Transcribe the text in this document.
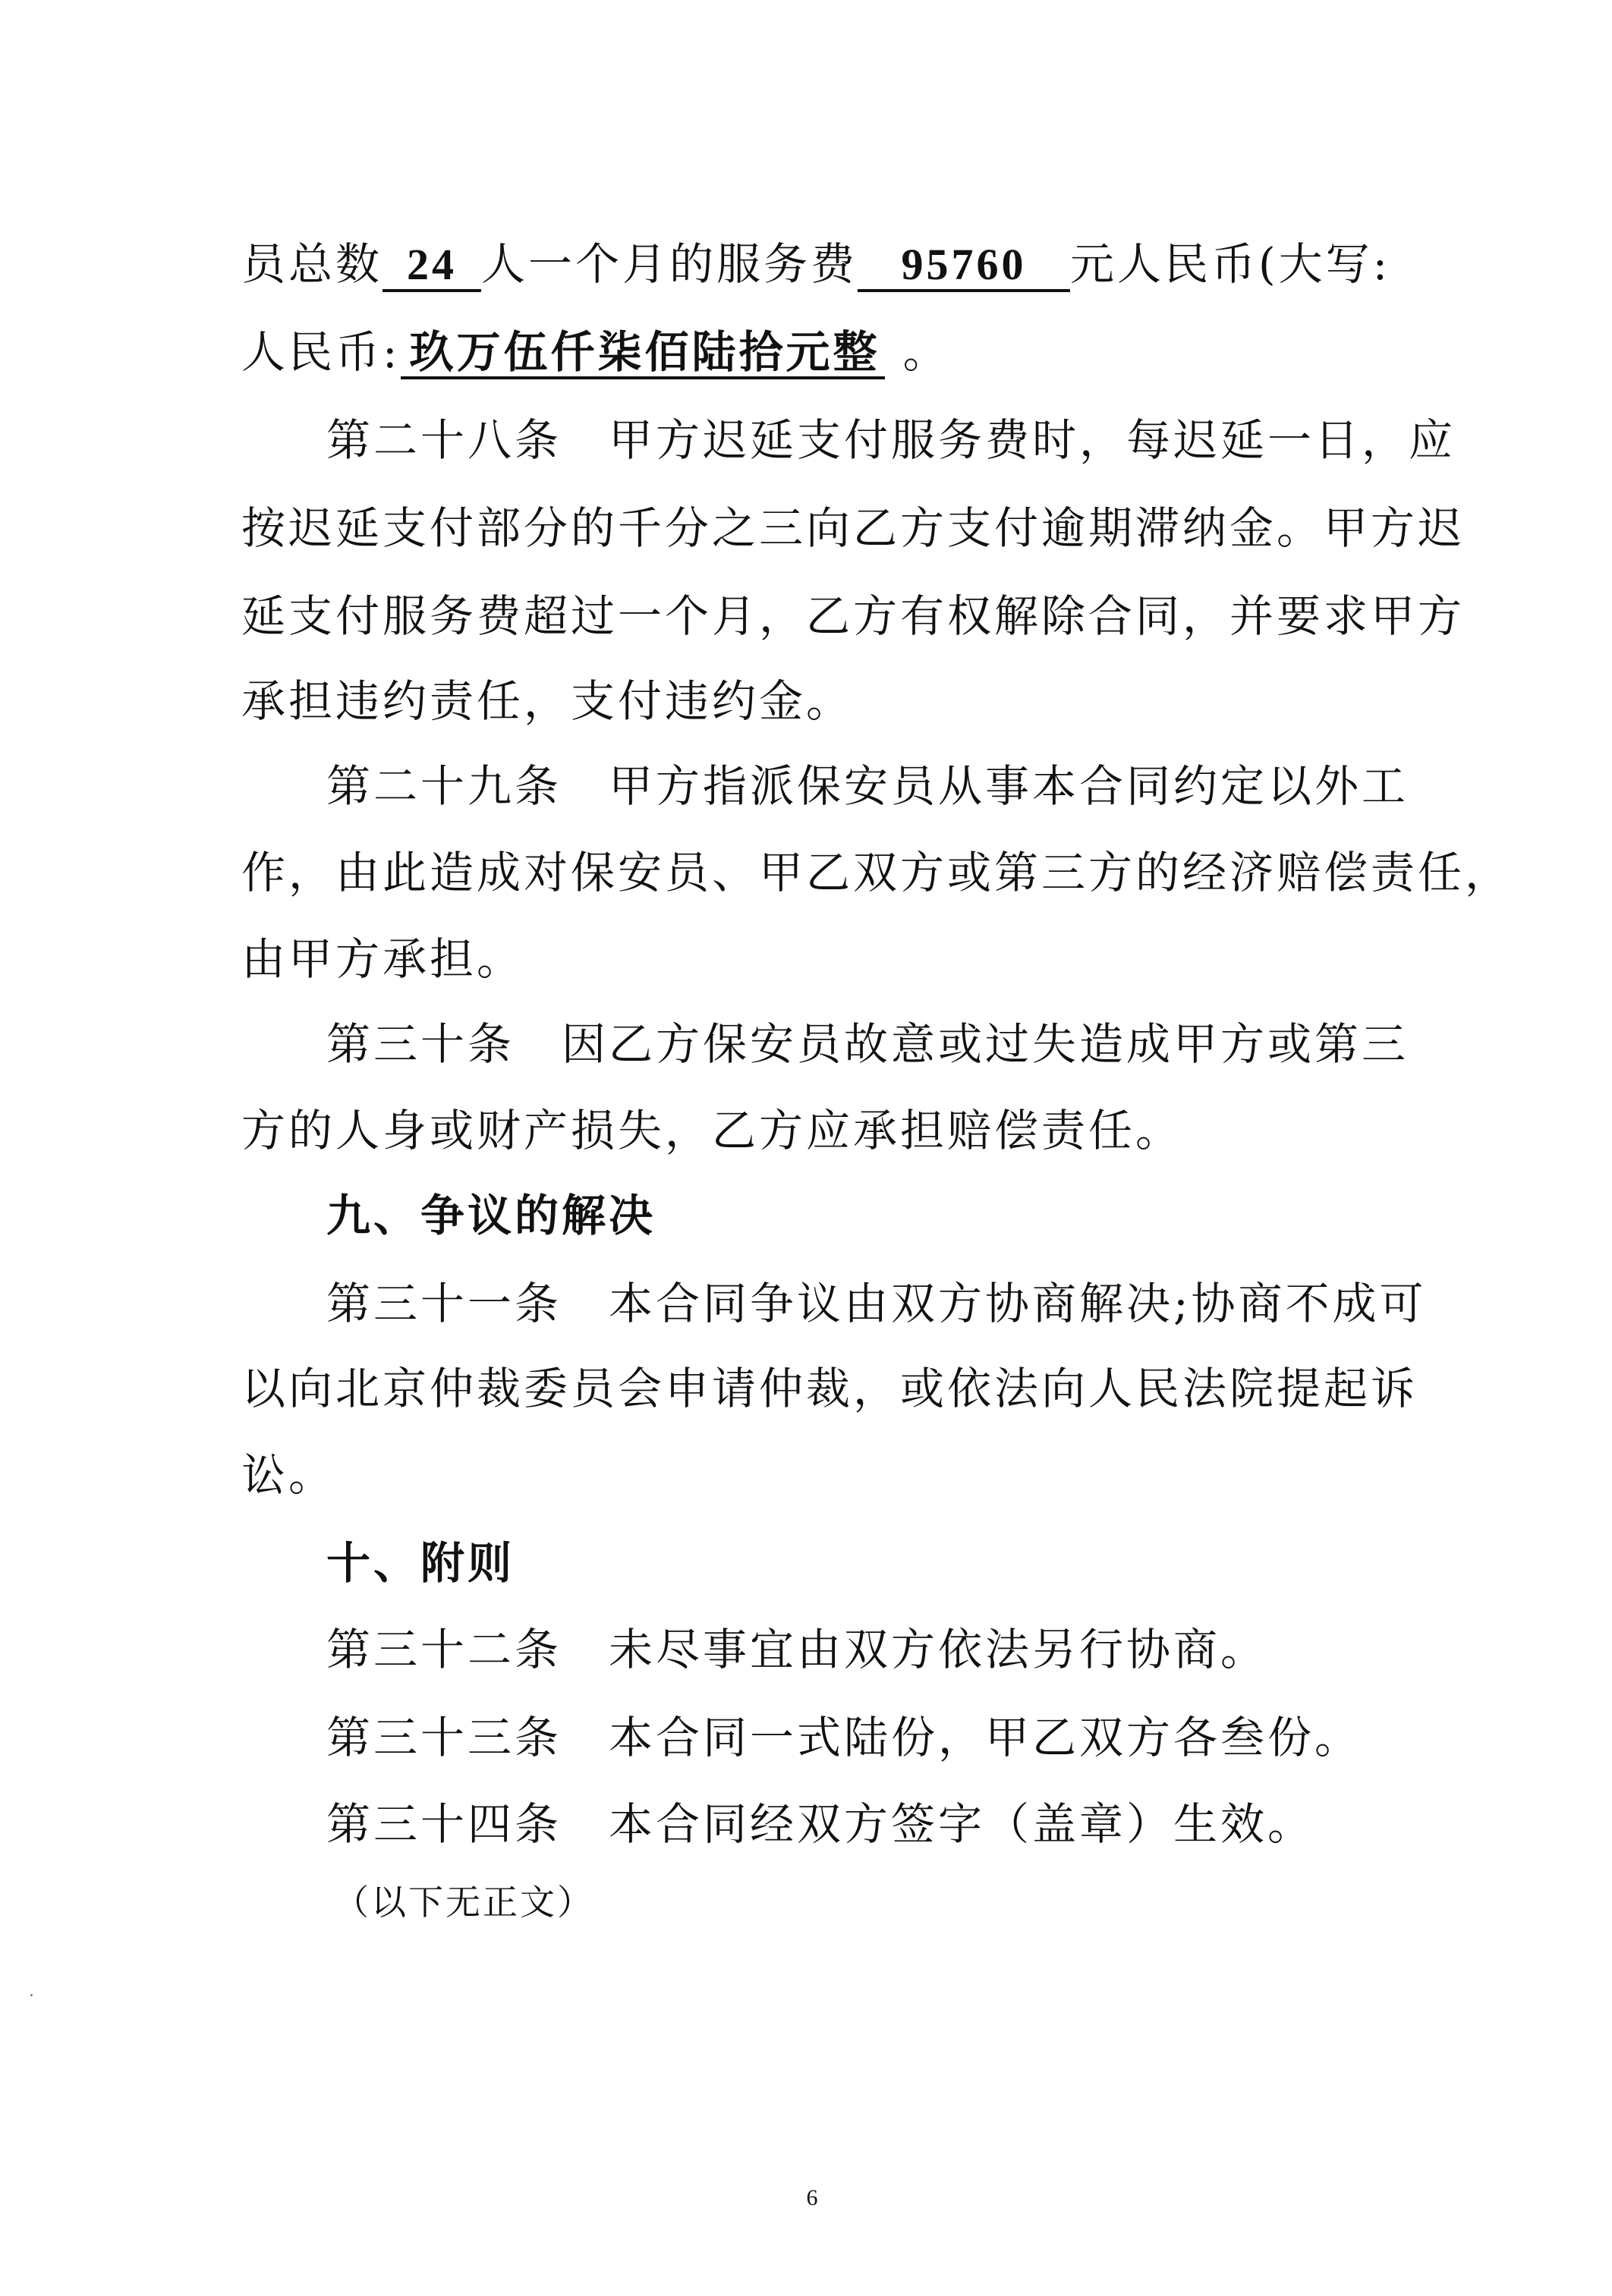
员总数 24 人一个月的服务费 95760 元人民币(大写:
人民币: 玖万伍仟柒佰陆拾元整 。
第二十八条　甲方迟延支付服务费时，每迟延一日，应
按迟延支付部分的千分之三向乙方支付逾期滞纳金。甲方迟
延支付服务费超过一个月，乙方有权解除合同，并要求甲方
承担违约责任，支付违约金。
第二十九条　甲方指派保安员从事本合同约定以外工
作，由此造成对保安员、甲乙双方或第三方的经济赔偿责任，
由甲方承担。
第三十条　因乙方保安员故意或过失造成甲方或第三
方的人身或财产损失，乙方应承担赔偿责任。
九、争议的解决
第三十一条　本合同争议由双方协商解决;协商不成可
以向北京仲裁委员会申请仲裁，或依法向人民法院提起诉
讼。
十、附则
第三十二条　未尽事宜由双方依法另行协商。
第三十三条　本合同一式陆份，甲乙双方各叁份。
第三十四条　本合同经双方签字（盖章）生效。
（以下无正文）
6
